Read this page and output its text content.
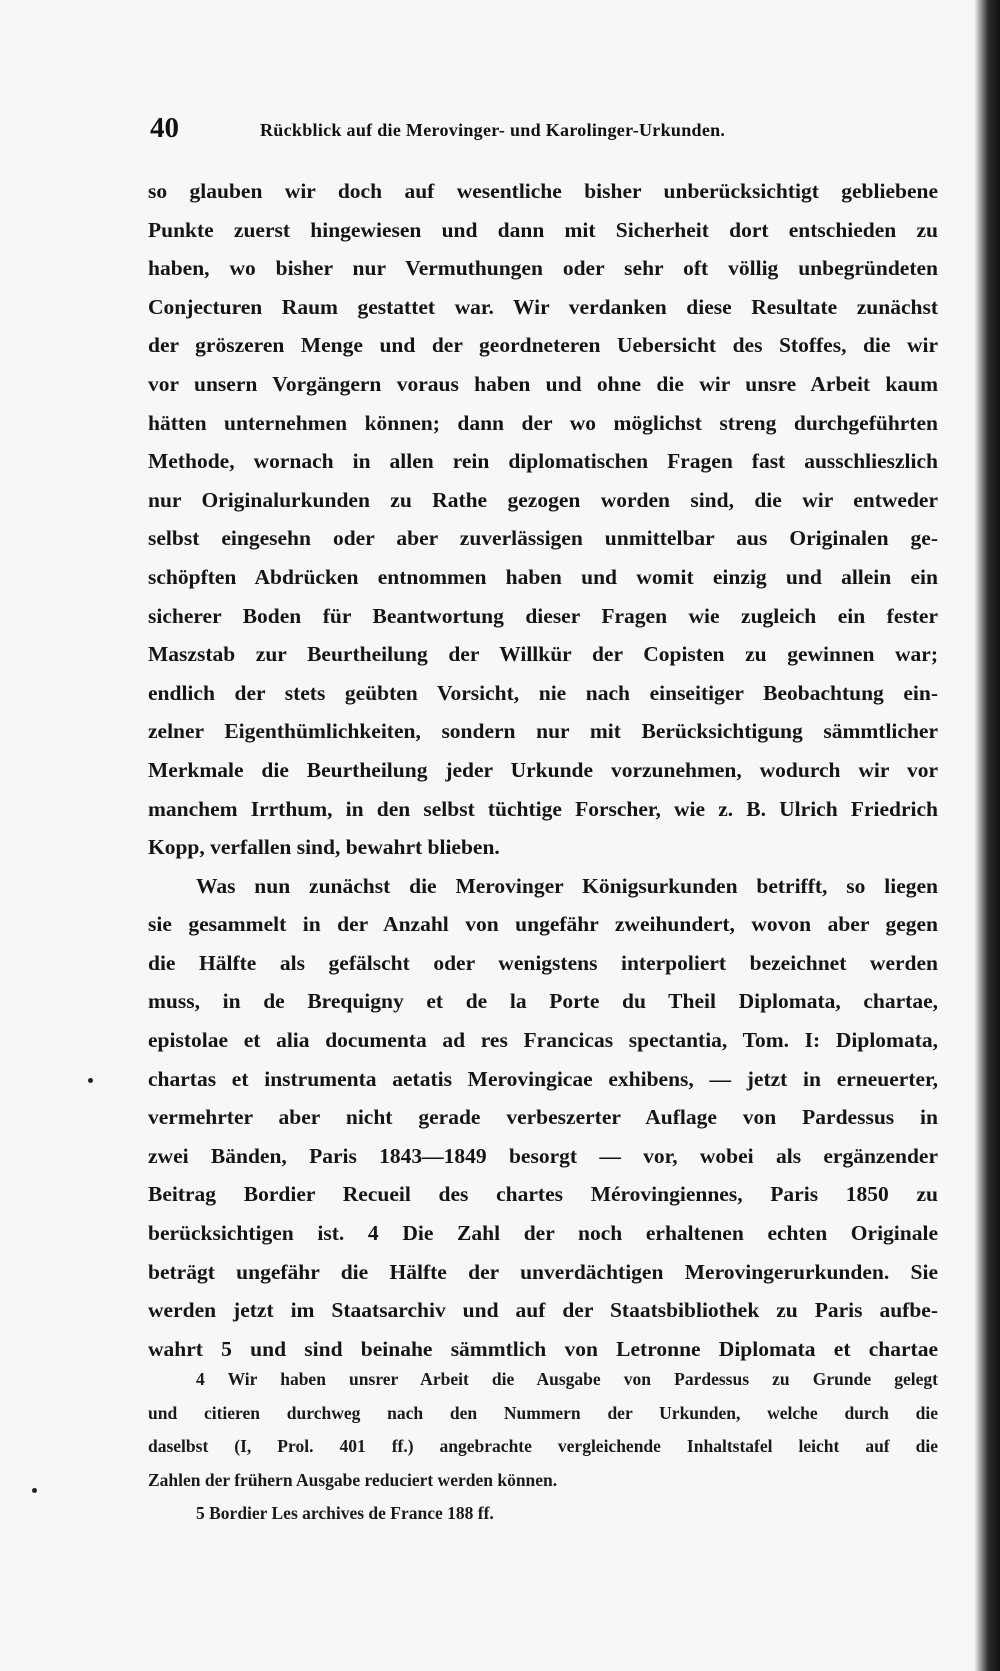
40	Rückblick auf die Merovinger- und Karolinger-Urkunden.
so glauben wir doch auf wesentliche bisher unberücksichtigt gebliebene
Punkte zuerst hingewiesen und dann mit Sicherheit dort entschieden zu
haben, wo bisher nur Vermuthungen oder sehr oft völlig unbegründeten
Conjecturen Raum gestattet war. Wir verdanken diese Resultate zunächst
der gröszeren Menge und der geordneteren Uebersicht des Stoffes, die wir
vor unsern Vorgängern voraus haben und ohne die wir unsre Arbeit kaum
hätten unternehmen können; dann der wo möglichst streng durchgeführten
Methode, wornach in allen rein diplomatischen Fragen fast ausschlieszlich
nur Originalurkunden zu Rathe gezogen worden sind, die wir entweder
selbst eingesehn oder aber zuverlässigen unmittelbar aus Originalen ge-
schöpften Abdrücken entnommen haben und womit einzig und allein ein
sicherer Boden für Beantwortung dieser Fragen wie zugleich ein fester
Maszstab zur Beurtheilung der Willkür der Copisten zu gewinnen war;
endlich der stets geübten Vorsicht, nie nach einseitiger Beobachtung ein-
zelner Eigenthümlichkeiten, sondern nur mit Berücksichtigung sämmtlicher
Merkmale die Beurtheilung jeder Urkunde vorzunehmen, wodurch wir vor
manchem Irrthum, in den selbst tüchtige Forscher, wie z. B. Ulrich Friedrich
Kopp, verfallen sind, bewahrt blieben.
Was nun zunächst die Merovinger Königsurkunden betrifft, so liegen
sie gesammelt in der Anzahl von ungefähr zweihundert, wovon aber gegen
die Hälfte als gefälscht oder wenigstens interpoliert bezeichnet werden
muss, in de Brequigny et de la Porte du Theil Diplomata, chartae,
epistolae et alia documenta ad res Francicas spectantia, Tom. I: Diplomata,
chartas et instrumenta aetatis Merovingicae exhibens, — jetzt in erneuerter,
vermehrter aber nicht gerade verbeszerter Auflage von Pardessus in
zwei Bänden, Paris 1843—1849 besorgt — vor, wobei als ergänzender
Beitrag Bordier Recueil des chartes Mérovingiennes, Paris 1850 zu
berücksichtigen ist. 4 Die Zahl der noch erhaltenen echten Originale
beträgt ungefähr die Hälfte der unverdächtigen Merovingerurkunden. Sie
werden jetzt im Staatsarchiv und auf der Staatsbibliothek zu Paris aufbe-
wahrt 5 und sind beinahe sämmtlich von Letronne Diplomata et chartae
4 Wir haben unsrer Arbeit die Ausgabe von Pardessus zu Grunde gelegt
und citieren durchweg nach den Nummern der Urkunden, welche durch die
daselbst (I, Prol. 401 ff.) angebrachte vergleichende Inhaltstafel leicht auf die
Zahlen der frühern Ausgabe reduciert werden können.
5 Bordier Les archives de France 188 ff.
